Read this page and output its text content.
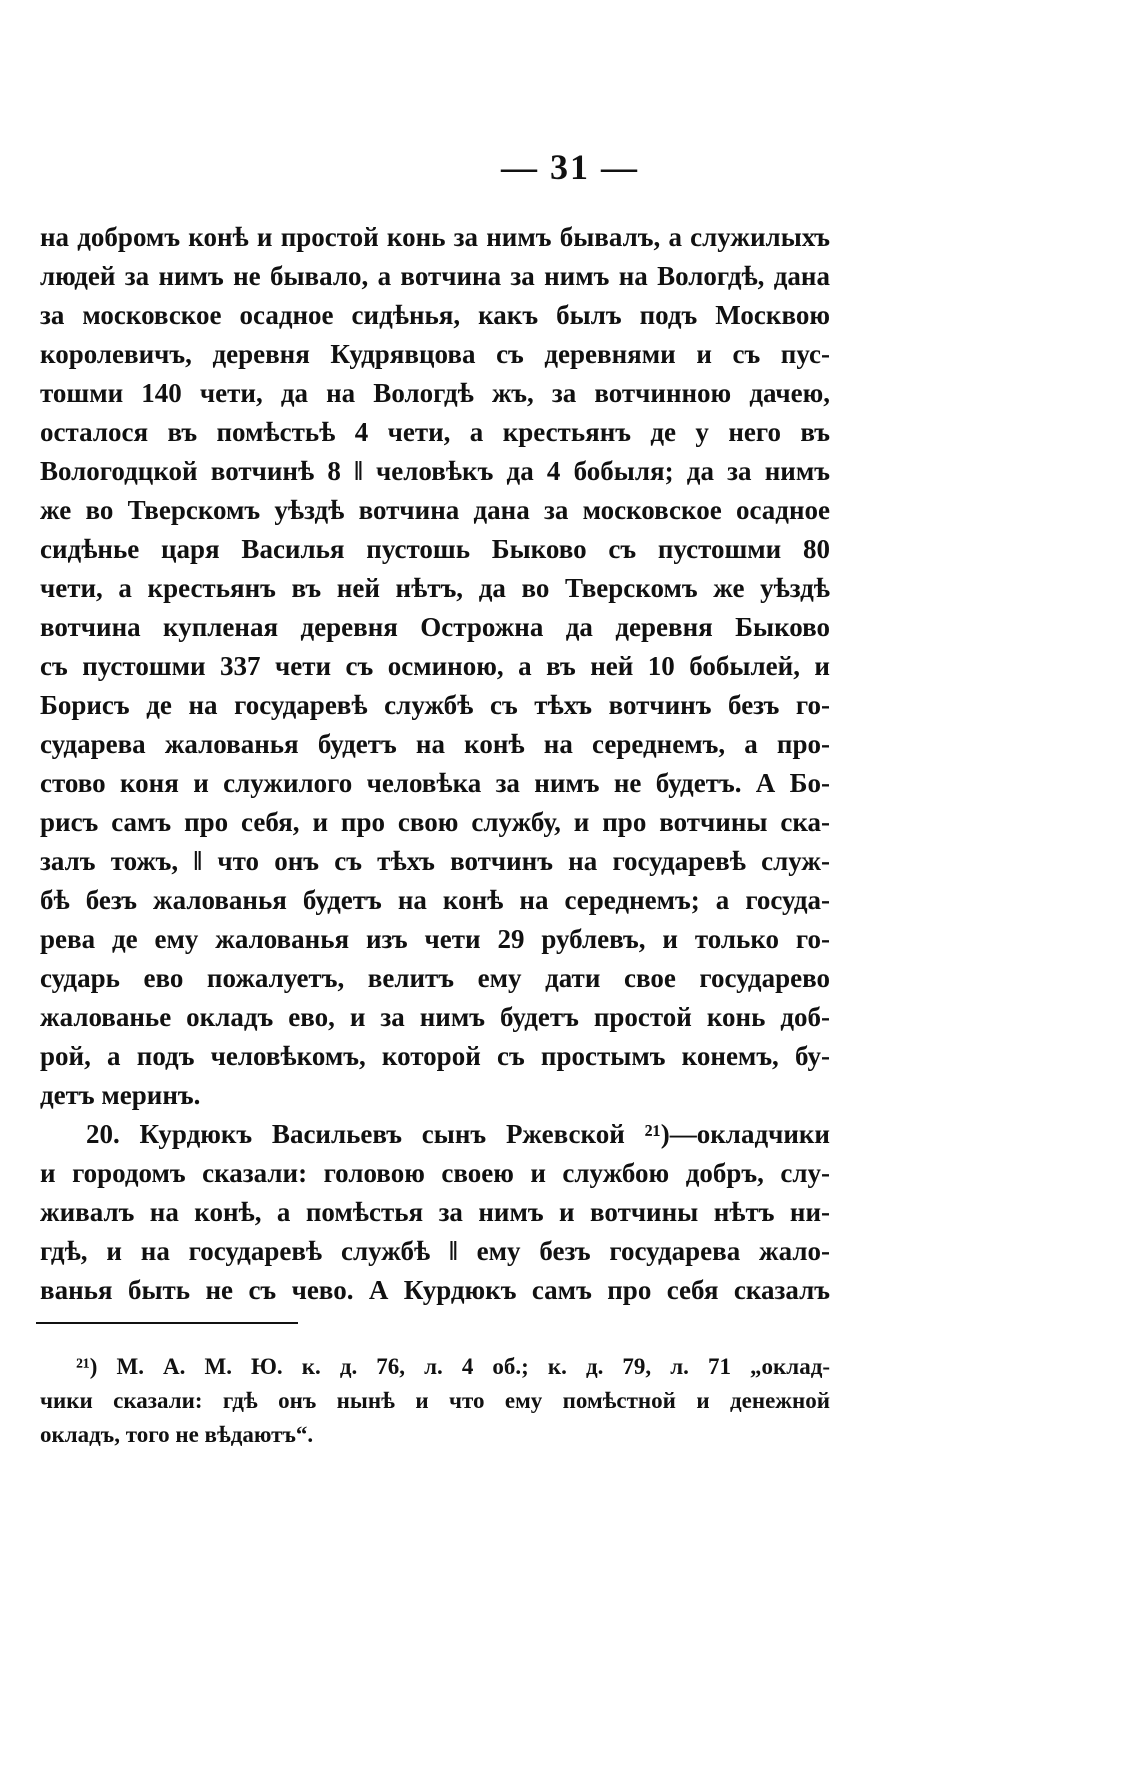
— 31 —
на добромъ конѣ и простой конь за нимъ бывалъ, а служилыхъ
людей за нимъ не бывало, а вотчина за нимъ на Вологдѣ, дана
за московское осадное сидѣнья, какъ былъ подъ Москвою
королевичъ, деревня Кудрявцова съ деревнями и съ пус-
тошми 140 чети, да на Вологдѣ жъ, за вотчинною дачею,
осталося въ помѣстьѣ 4 чети, а крестьянъ де у него въ
Вологодцкой вотчинѣ 8 ‖ человѣкъ да 4 бобыля; да за нимъ
же во Тверскомъ уѣздѣ вотчина дана за московское осадное
сидѣнье царя Василья пустошь Быково съ пустошми 80
чети, а крестьянъ въ ней нѣтъ, да во Тверскомъ же уѣздѣ
вотчина купленая деревня Острожна да деревня Быково
съ пустошми 337 чети съ осминою, а въ ней 10 бобылей, и
Борисъ де на государевѣ службѣ съ тѣхъ вотчинъ безъ го-
сударева жалованья будетъ на конѣ на середнемъ, а про-
стово коня и служилого человѣка за нимъ не будетъ. А Бо-
рисъ самъ про себя, и про свою службу, и про вотчины ска-
залъ тожъ, ‖ что онъ съ тѣхъ вотчинъ на государевѣ служ-
бѣ безъ жалованья будетъ на конѣ на середнемъ; а госуда-
рева де ему жалованья изъ чети 29 рублевъ, и только го-
сударь ево пожалуетъ, велитъ ему дати свое государево
жалованье окладъ ево, и за нимъ будетъ простой конь доб-
рой, а подъ человѣкомъ, которой съ простымъ конемъ, бу-
детъ меринъ.
20. Курдюкъ Васильевъ сынъ Ржевской ²¹)—окладчики
и городомъ сказали: головою своею и службою добръ, слу-
живалъ на конѣ, а помѣстья за нимъ и вотчины нѣтъ ни-
гдѣ, и на государевѣ службѣ ‖ ему безъ государева жало-
ванья быть не съ чево. А Курдюкъ самъ про себя сказалъ
²¹) М. А. М. Ю. к. д. 76, л. 4 об.; к. д. 79, л. 71 „оклад-
чики сказали: гдѣ онъ нынѣ и что ему помѣстной и денежной
окладъ, того не вѣдаютъ“.
